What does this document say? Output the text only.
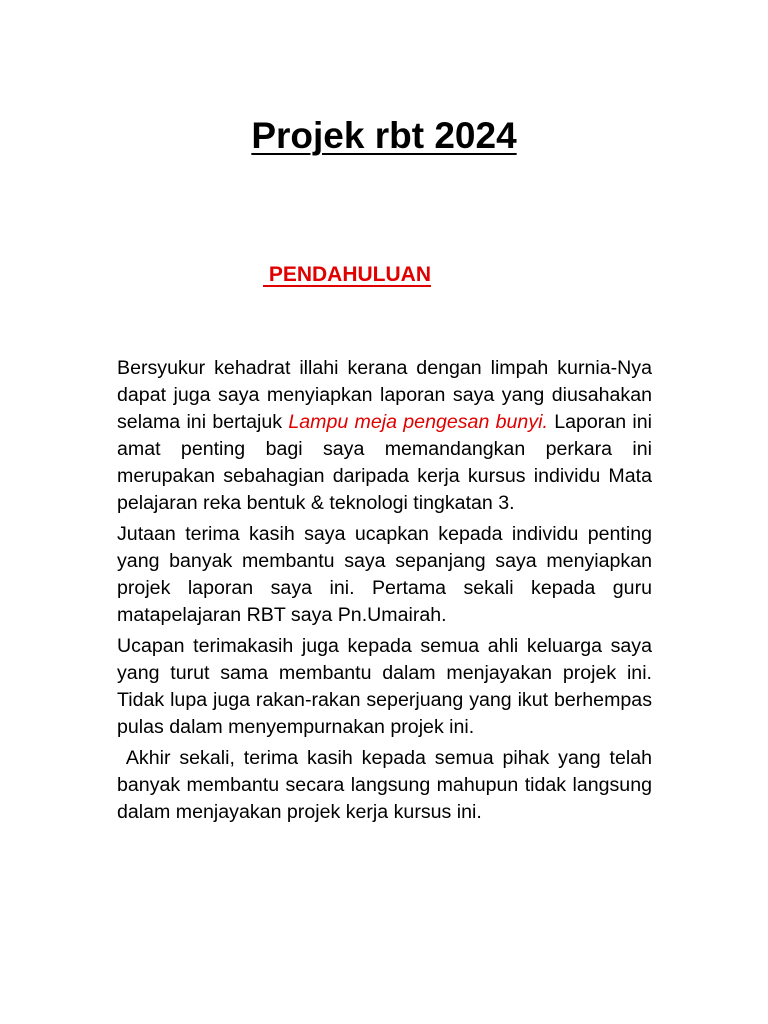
Projek rbt 2024
PENDAHULUAN

Bersyukur kehadrat illahi kerana dengan limpah kurnia-Nya dapat juga saya menyiapkan laporan saya yang diusahakan selama ini bertajuk Lampu meja pengesan bunyi. Laporan ini amat penting bagi saya memandangkan perkara ini merupakan sebahagian daripada kerja kursus individu Mata pelajaran reka bentuk & teknologi tingkatan 3.

Jutaan terima kasih saya ucapkan kepada individu penting yang banyak membantu saya sepanjang saya menyiapkan projek laporan saya ini. Pertama sekali kepada guru matapelajaran RBT saya Pn.Umairah.

Ucapan terimakasih juga kepada semua ahli keluarga saya yang turut sama membantu dalam menjayakan projek ini. Tidak lupa juga rakan-rakan seperjuang yang ikut berhempas pulas dalam menyempurnakan projek ini.

Akhir sekali, terima kasih kepada semua pihak yang telah banyak membantu secara langsung mahupun tidak langsung dalam menjayakan projek kerja kursus ini.
